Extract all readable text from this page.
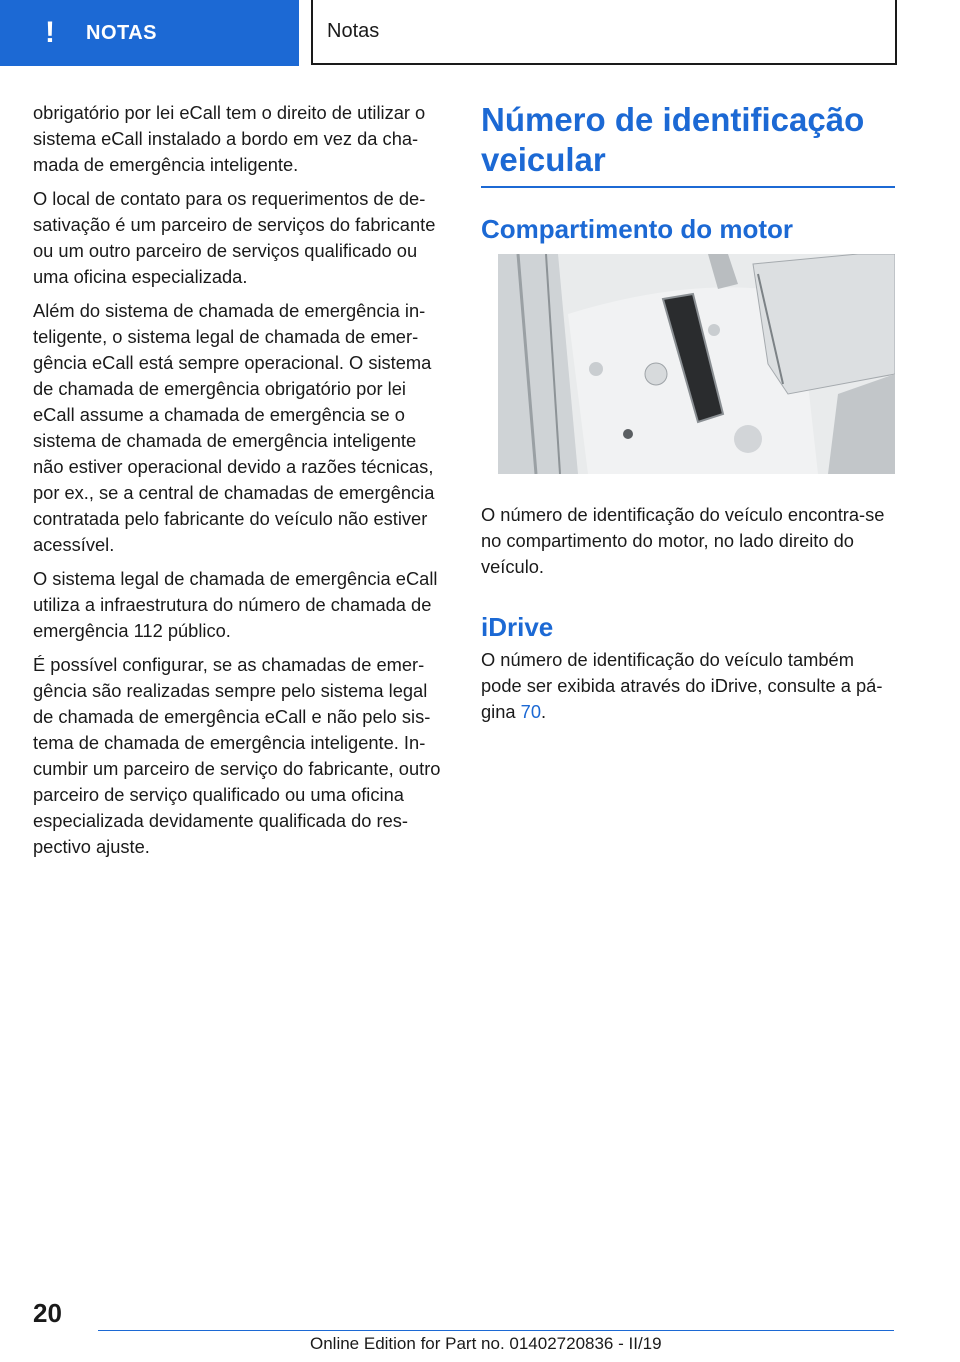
! NOTAS	Notas

obrigatório por lei eCall tem o direito de utilizar o sistema eCall instalado a bordo em vez da chamada de emergência inteligente.

O local de contato para os requerimentos de desativação é um parceiro de serviços do fabricante ou um outro parceiro de serviços qualificado ou uma oficina especializada.

Além do sistema de chamada de emergência inteligente, o sistema legal de chamada de emergência eCall está sempre operacional. O sistema de chamada de emergência obrigatório por lei eCall assume a chamada de emergência se o sistema de chamada de emergência inteligente não estiver operacional devido a razões técnicas, por ex., se a central de chamadas de emergência contratada pelo fabricante do veículo não estiver acessível.

O sistema legal de chamada de emergência eCall utiliza a infraestrutura do número de chamada de emergência 112 público.

É possível configurar, se as chamadas de emergência são realizadas sempre pelo sistema legal de chamada de emergência eCall e não pelo sistema de chamada de emergência inteligente. Incumbir um parceiro de serviço do fabricante, outro parceiro de serviço qualificado ou uma oficina especializada devidamente qualificada do respectivo ajuste.

Número de identificação veicular
Compartimento do motor

O número de identificação do veículo encontra-se no compartimento do motor, no lado direito do veículo.

iDrive

O número de identificação do veículo também pode ser exibida através do iDrive, consulte a página 70.

20
Online Edition for Part no. 01402720836 - II/19
